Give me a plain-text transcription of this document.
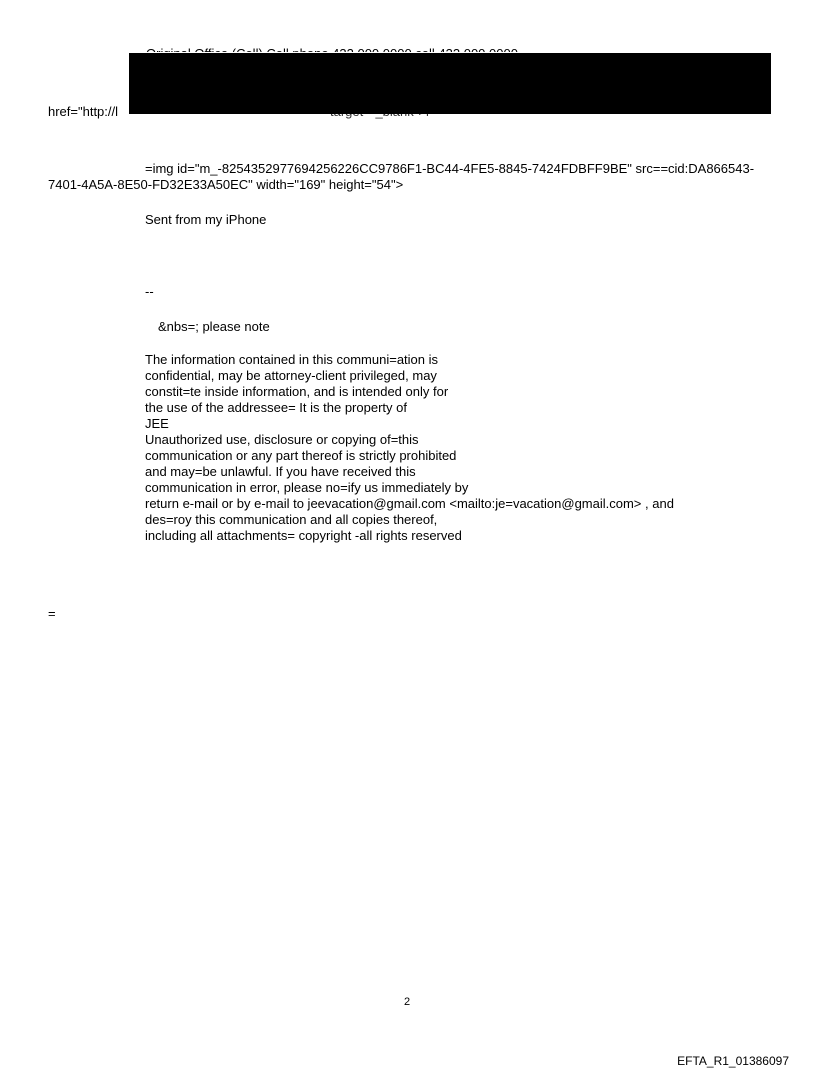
href="http://l
=img id="m_-8254352977694256226CC9786F1-BC44-4FE5-8845-7424FDBFF9BE" src==cid:DA866543-
7401-4A5A-8E50-FD32E33A50EC" width="169" height="54">
Sent from my iPhone
--
&nbs=; please note
The information contained in this communi=ation is
confidential, may be attorney-client privileged, may
constit=te inside information, and is intended only for
the use of the addressee= It is the property of
JEE
Unauthorized use, disclosure or copying of=this
communication or any part thereof is strictly prohibited
and may=be unlawful. If you have received this
communication in error, please no=ify us immediately by
return e-mail or by e-mail to jeevacation@gmail.com <mailto:je=vacation@gmail.com> , and
des=roy this communication and all copies thereof,
including all attachments= copyright -all rights reserved
=
2
EFTA_R1_01386097
